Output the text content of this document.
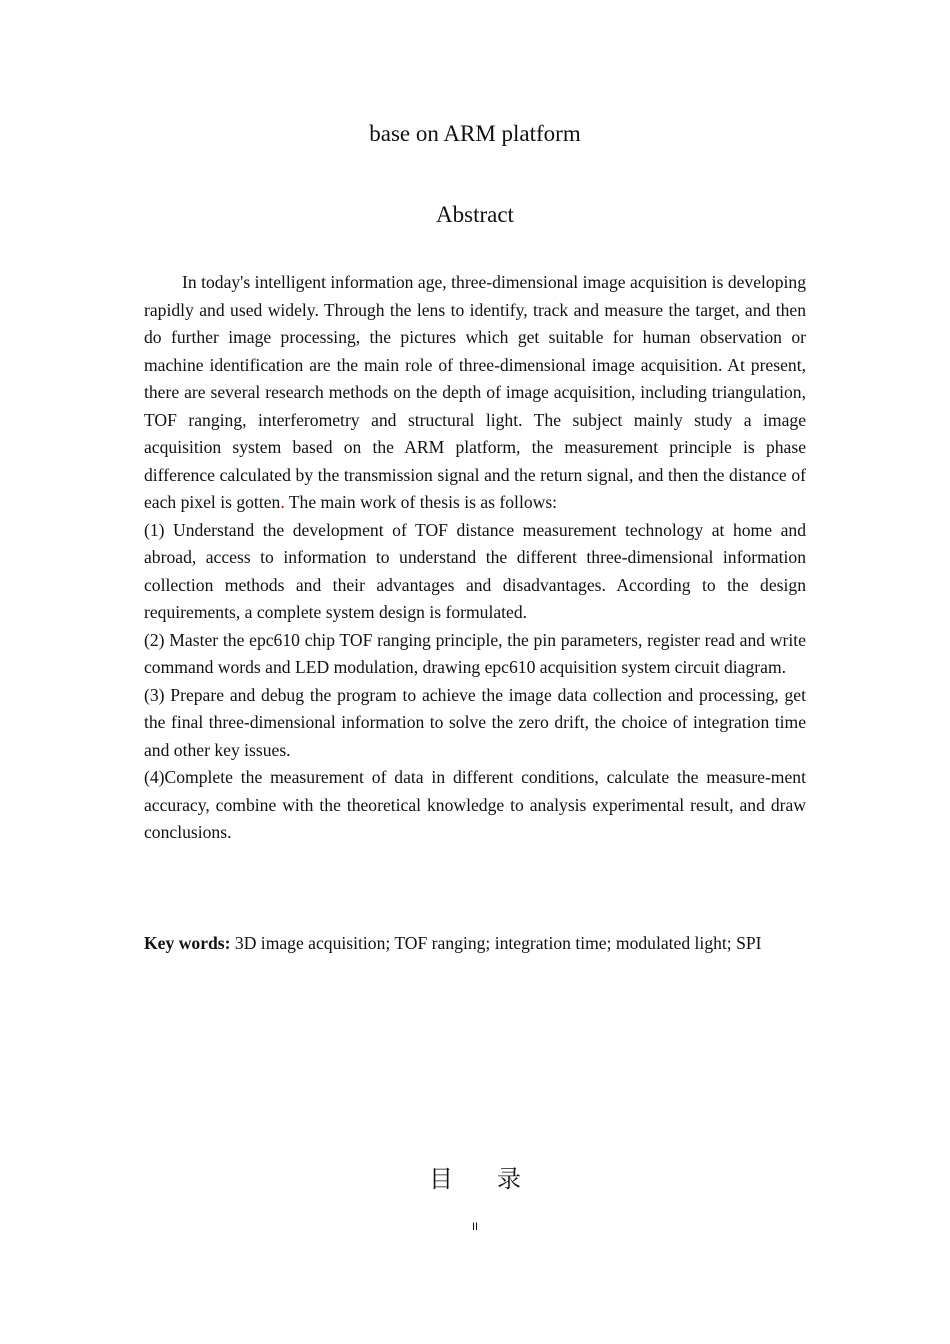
base on ARM platform
Abstract

In today's intelligent information age, three-dimensional image acquisition is developing rapidly and used widely. Through the lens to identify, track and measure the target, and then do further image processing, the pictures which get suitable for human observation or machine identification are the main role of three-dimensional image acquisition. At present, there are several research methods on the depth of image acquisition, including triangulation, TOF ranging, interferometry and structural light. The subject mainly study a image acquisition system based on the ARM platform, the measurement principle is phase difference calculated by the transmission signal and the return signal, and then the distance of each pixel is gotten. The main work of thesis is as follows:

(1) Understand the development of TOF distance measurement technology at home and abroad, access to information to understand the different three-dimensional information collection methods and their advantages and disadvantages. According to the design requirements, a complete system design is formulated.

(2) Master the epc610 chip TOF ranging principle, the pin parameters, register read and write command words and LED modulation, drawing epc610 acquisition system circuit diagram.

(3) Prepare and debug the program to achieve the image data collection and processing, get the final three-dimensional information to solve the zero drift, the choice of integration time and other key issues.

(4)Complete the measurement of data in different conditions, calculate the measure-ment accuracy, combine with the theoretical knowledge to analysis experimental result, and draw conclusions.

Key words: 3D image acquisition; TOF ranging; integration time; modulated light; SPI
目录
II
